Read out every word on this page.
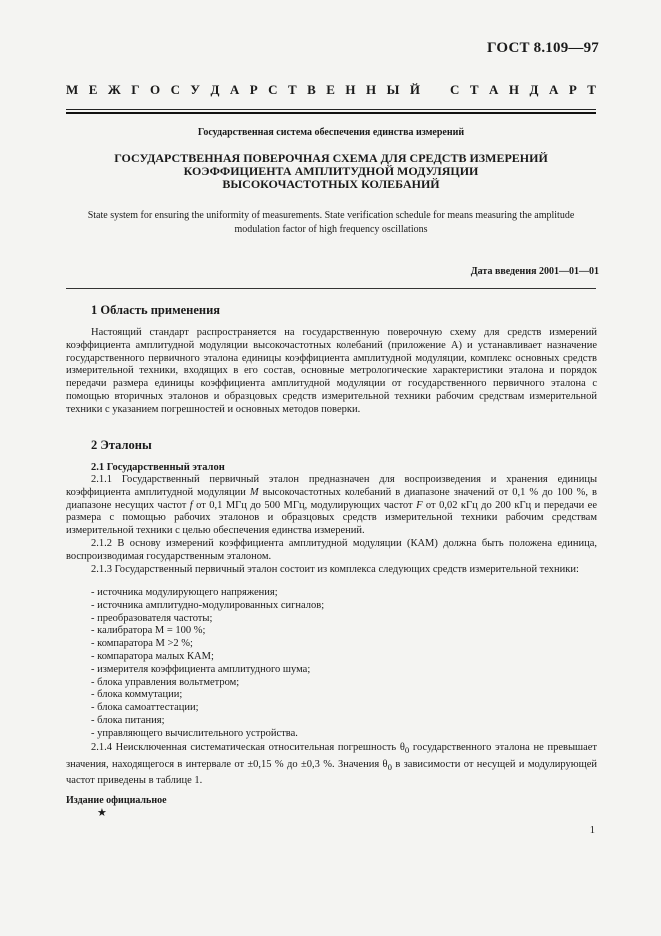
ГОСТ 8.109—97
М Е Ж Г О С У Д А Р С Т В Е Н Н Ы Й С Т А Н Д А Р Т
Государственная система обеспечения единства измерений
ГОСУДАРСТВЕННАЯ ПОВЕРОЧНАЯ СХЕМА ДЛЯ СРЕДСТВ ИЗМЕРЕНИЙ
КОЭФФИЦИЕНТА АМПЛИТУДНОЙ МОДУЛЯЦИИ
ВЫСОКОЧАСТОТНЫХ КОЛЕБАНИЙ
State system for ensuring the uniformity of measurements. State verification schedule for means measuring the amplitude modulation factor of high frequency oscillations
Дата введения 2001—01—01
1 Область применения

Настоящий стандарт распространяется на государственную поверочную схему для средств измерений коэффициента амплитудной модуляции высокочастотных колебаний (приложение А) и устанавливает назначение государственного первичного эталона единицы коэффициента амплитудной модуляции, комплекс основных средств измерительной техники, входящих в его состав, основные метрологические характеристики эталона и порядок передачи размера единицы коэффициента амплитудной модуляции от государственного первичного эталона с помощью вторичных эталонов и образцовых средств измерительной техники рабочим средствам измерительной техники с указанием погрешностей и основных методов поверки.

2 Эталоны
2.1 Государственный эталон

2.1.1 Государственный первичный эталон предназначен для воспроизведения и хранения единицы коэффициента амплитудной модуляции M высокочастотных колебаний в диапазоне значений от 0,1 % до 100 %, в диапазоне несущих частот f от 0,1 МГц до 500 МГц, модулирующих частот F от 0,02 кГц до 200 кГц и передачи ее размера с помощью рабочих эталонов и образцовых средств измерительной техники рабочим средствам измерительной техники с целью обеспечения единства измерений.

2.1.2 В основу измерений коэффициента амплитудной модуляции (КАМ) должна быть положена единица, воспроизводимая государственным эталоном.

2.1.3 Государственный первичный эталон состоит из комплекса следующих средств измерительной техники:

- источника модулирующего напряжения;
- источника амплитудно-модулированных сигналов;
- преобразователя частоты;
- калибратора M = 100 %;
- компаратора M >2 %;
- компаратора малых КАМ;
- измерителя коэффициента амплитудного шума;
- блока управления вольтметром;
- блока коммутации;
- блока самоаттестации;
- блока питания;
- управляющего вычислительного устройства.

2.1.4 Неисключенная систематическая относительная погрешность $\theta_0$ государственного эталона не превышает значения, находящегося в интервале от ±0,15 % до ±0,3 %. Значения $\theta_0$ в зависимости от несущей и модулирующей частот приведены в таблице 1.

Издание официальное
★
1
